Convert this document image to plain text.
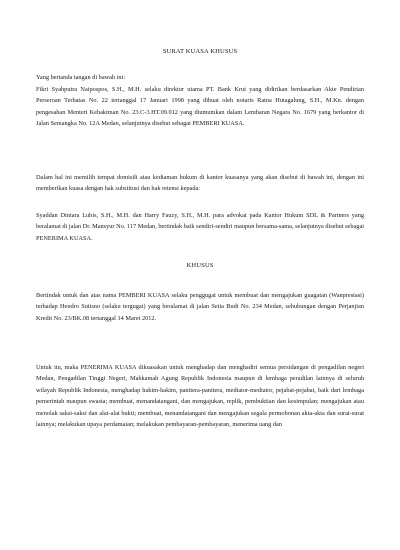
SURAT KUASA KHUSUS

Yang bertanda tangan di bawah ini:

Fikri Syahputra Naipospos, S.H., M.H. selaku direktur utama PT. Bank Krut yang didirikan berdasarkan Akte Pendirian Perseroan Terbatas No. 22 tertanggal 17 Januari 1998 yang dibuat oleh notaris Ratna Hutagalung, S.H., M.Kn. dengan pengesahan Menteri Kehakiman No. 23.C-3.HT.09.012 yang diumumkan dalam Lembaran Negara No. 1679 yang berkantor di Jalan Semangka No. 12A Medan, selanjutnya disebut sebagai PEMBERI KUASA.

Dalam hal ini memilih tempat domisili atau kediaman hukum di kantor kuasanya yang akan disebut di bawah ini, dengan ini memberikan kuasa dengan hak substitusi dan hak retensi kepada:

Syaddan Dintara Lubis, S.H., M.H. dan Harry Fauzy, S.H., M.H. para advokat pada Kantor Hukum SDL & Partners yang beralamat di jalan Dr. Mansyur No. 117 Medan, bertindak baik sendiri-sendiri maupun bersama-sama, selanjutnya disebut sebagai PENERIMA KUASA.

KHUSUS

Bertindak untuk dan atas nama PEMBERI KUASA selaku penggugat untuk membuat dan mengajukan guagatan (Wanprestasi) terhadap Hendro Sutisno (selaku tergugat) yang beralamat di jalan Setia Budi No. 234 Medan, sehubungan dengan Perjanjian Kredit No. 23/BK.08 tertanggal 14 Maret 2012.

Untuk itu, maka PENERIMA KUASA dikuasakan untuk menghadap dan menghadiri semua persidangan di pengadilan negeri Medan, Pengadilan Tinggi Negeri, Mahkamah Agung Republik Indonesia maupun di lembaga peradilan lainnya di seluruh wilayah Republik Indonesia, menghadap hakim-hakim, panitera-panitera, mediator-mediator, pejabat-pejabat, baik dari lembaga pemerintah maupun swasta; membuat, menandatangani, dan mengajukan, replik, pembuktian dan kesimpulan; mengajukan atau menolak saksi-saksi dan alat-alat bukti; membuat, menandatangani dan mengajukan segala permohonan akta-akta dan surat-surat lainnya; melakukan upaya perdamaian; melakukan pembayaran-pembayaran, menerima uang dan
